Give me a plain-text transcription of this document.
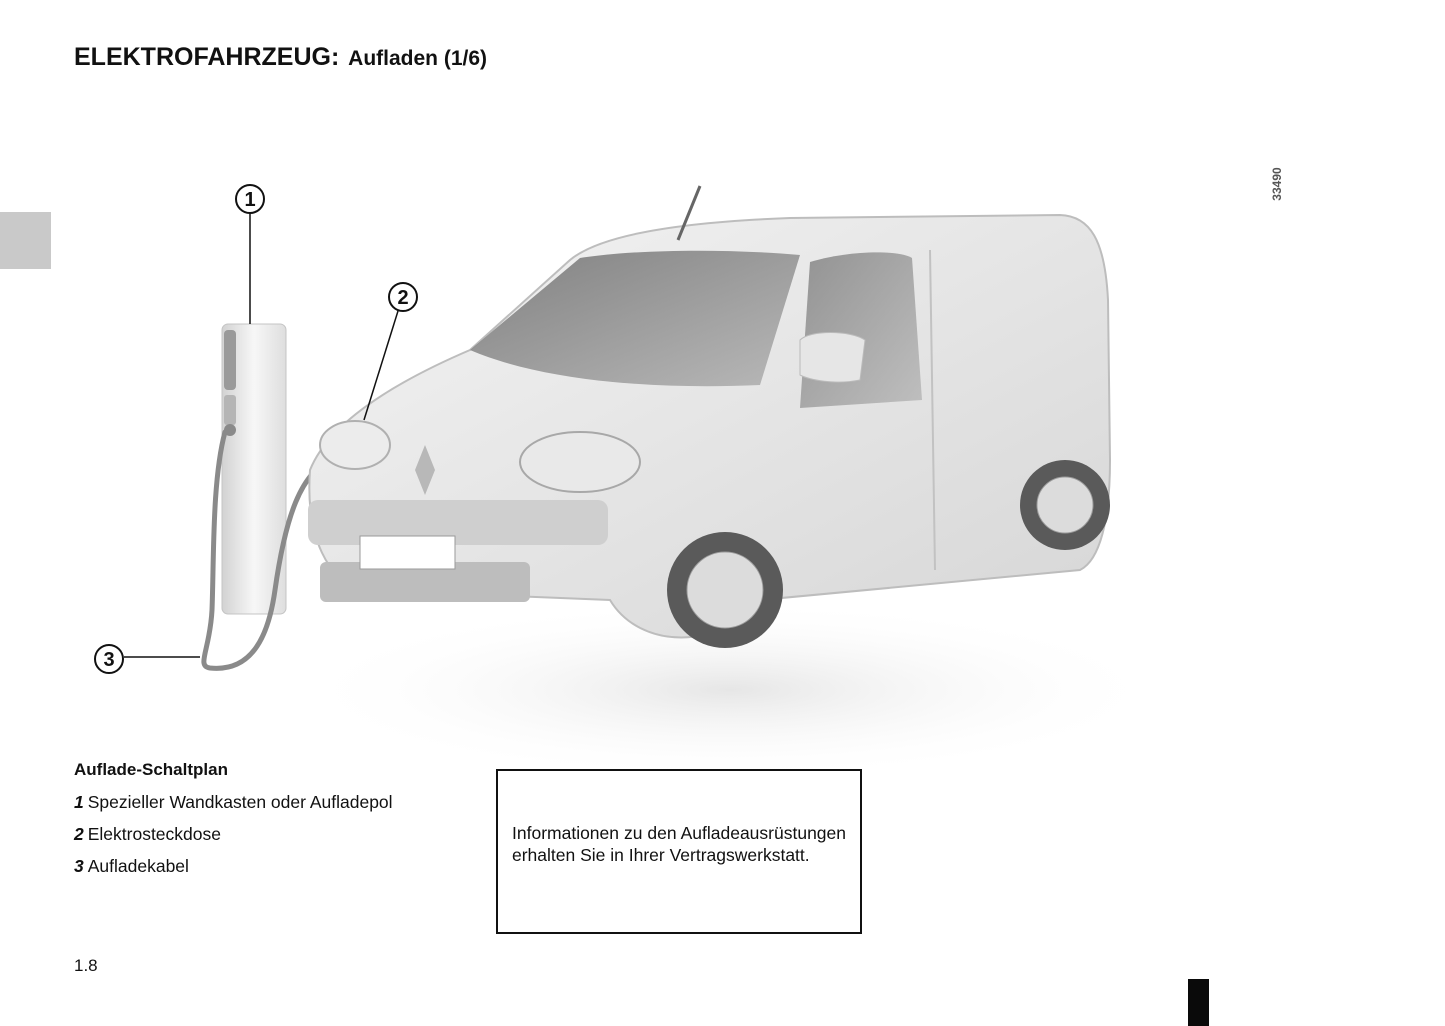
ELEKTROFAHRZEUG: Aufladen (1/6)
33490
1
2
3

Auflade-Schaltplan

1 Spezieller Wandkasten oder Aufladepol

2 Elektrosteckdose

3 Aufladekabel

Informationen zu den Aufladeausrüstungen erhalten Sie in Ihrer Vertragswerkstatt.

1.8
